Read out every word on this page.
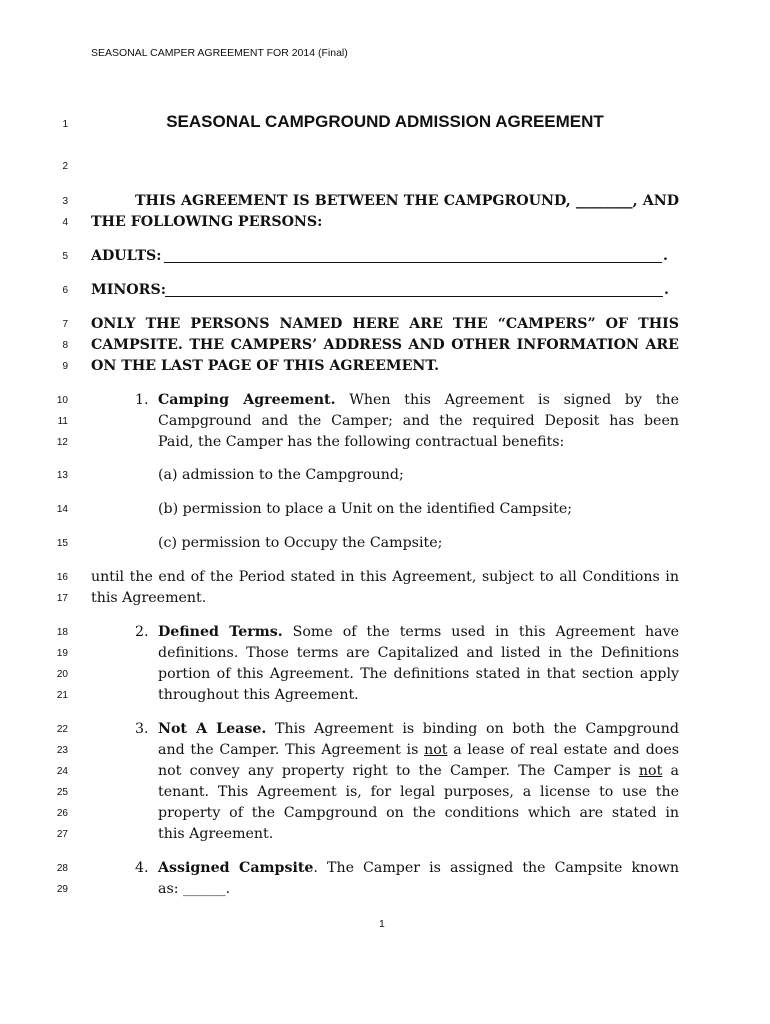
SEASONAL CAMPER AGREEMENT FOR 2014 (Final)
SEASONAL CAMPGROUND ADMISSION AGREEMENT
1
2
3
4
5
6
7
8
9
10
11
12
13
14
15
16
17
18
19
20
21
22
23
24
25
26
27
28
29
THIS AGREEMENT IS BETWEEN THE CAMPGROUND, ________, AND
THE FOLLOWING PERSONS:
ADULTS:	.
MINORS:	.
ONLY THE PERSONS NAMED HERE ARE THE “CAMPERS” OF THIS
CAMPSITE. THE CAMPERS’ ADDRESS AND OTHER INFORMATION ARE
ON THE LAST PAGE OF THIS AGREEMENT.
1. Camping Agreement. When this Agreement is signed by the
Campground and the Camper; and the required Deposit has been
Paid, the Camper has the following contractual benefits:
(a) admission to the Campground;
(b) permission to place a Unit on the identified Campsite;
(c) permission to Occupy the Campsite;
until the end of the Period stated in this Agreement, subject to all Conditions in
this Agreement.
2. Defined Terms. Some of the terms used in this Agreement have
definitions. Those terms are Capitalized and listed in the Definitions
portion of this Agreement. The definitions stated in that section apply
throughout this Agreement.
3. Not A Lease. This Agreement is binding on both the Campground
and the Camper. This Agreement is not a lease of real estate and does
not convey any property right to the Camper. The Camper is not a
tenant. This Agreement is, for legal purposes, a license to use the
property of the Campground on the conditions which are stated in
this Agreement.
4. Assigned Campsite. The Camper is assigned the Campsite known
as: ______.
1
